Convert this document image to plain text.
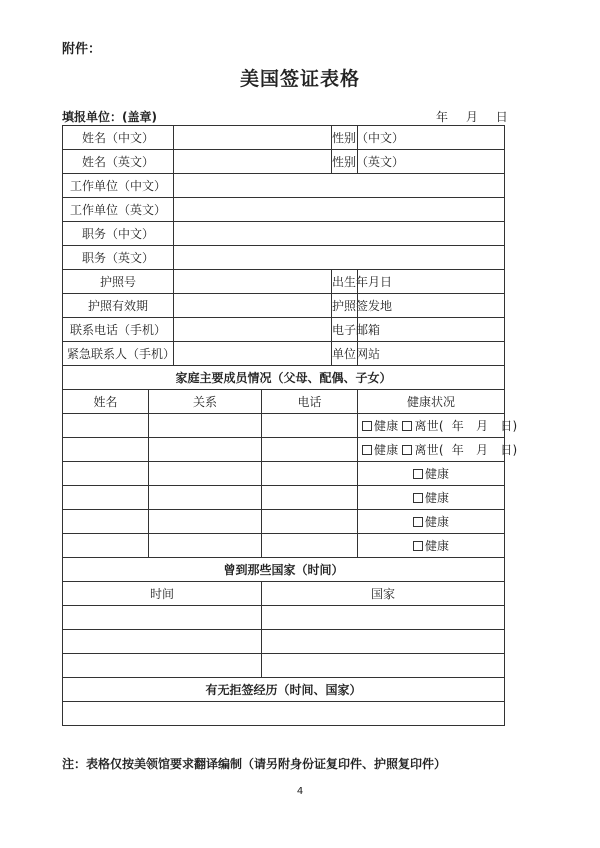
附件：
美国签证表格
填报单位：(盖章)	年 月 日
姓名（中文）				性别（中文）	
姓名（英文）				性别（英文）	
工作单位（中文）					
工作单位（英文）					
职务（中文）					
职务（英文）					
护照号				出生年月日	
护照有效期				护照签发地	
联系电话（手机）				电子邮箱	
紧急联系人（手机）				单位网站	
家庭主要成员情况（父母、配偶、子女）					
姓名	关系		电话		健康状况
					健康 离世( 年 月 日)
					健康 离世( 年 月 日)
					健康
					健康
					健康
					健康
曾到那些国家（时间）					
时间			国家		

有无拒签经历（时间、国家）					

注：表格仅按美领馆要求翻译编制（请另附身份证复印件、护照复印件）
4
